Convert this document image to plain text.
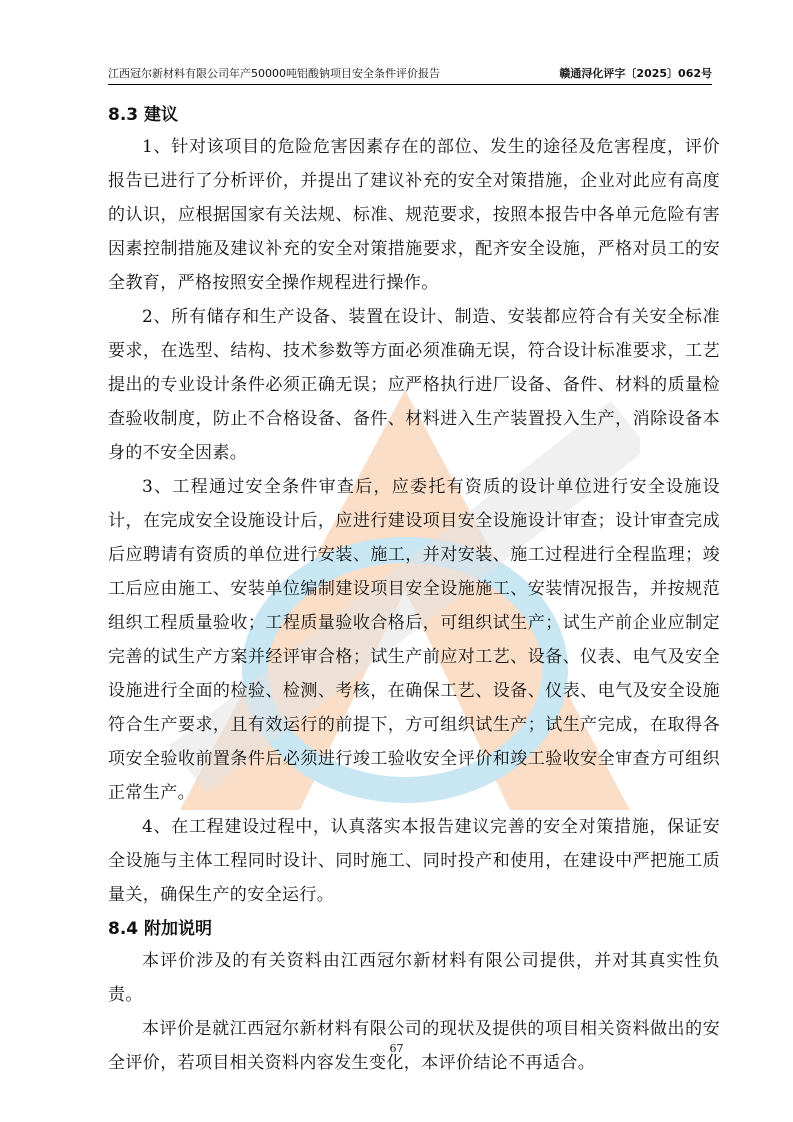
江西冠尔新材料有限公司年产50000吨铝酸钠项目安全条件评价报告	赣通浔化评字〔2025〕062号
8.3 建议

1、针对该项目的危险危害因素存在的部位、发生的途径及危害程度，评价报告已进行了分析评价，并提出了建议补充的安全对策措施，企业对此应有高度的认识，应根据国家有关法规、标准、规范要求，按照本报告中各单元危险有害因素控制措施及建议补充的安全对策措施要求，配齐安全设施，严格对员工的安全教育，严格按照安全操作规程进行操作。

2、所有储存和生产设备、装置在设计、制造、安装都应符合有关安全标准要求，在选型、结构、技术参数等方面必须准确无误，符合设计标准要求，工艺提出的专业设计条件必须正确无误；应严格执行进厂设备、备件、材料的质量检查验收制度，防止不合格设备、备件、材料进入生产装置投入生产，消除设备本身的不安全因素。

3、工程通过安全条件审查后，应委托有资质的设计单位进行安全设施设计，在完成安全设施设计后，应进行建设项目安全设施设计审查；设计审查完成后应聘请有资质的单位进行安装、施工，并对安装、施工过程进行全程监理；竣工后应由施工、安装单位编制建设项目安全设施施工、安装情况报告，并按规范组织工程质量验收；工程质量验收合格后，可组织试生产；试生产前企业应制定完善的试生产方案并经评审合格；试生产前应对工艺、设备、仪表、电气及安全设施进行全面的检验、检测、考核，在确保工艺、设备、仪表、电气及安全设施符合生产要求，且有效运行的前提下，方可组织试生产；试生产完成，在取得各项安全验收前置条件后必须进行竣工验收安全评价和竣工验收安全审查方可组织正常生产。

4、在工程建设过程中，认真落实本报告建议完善的安全对策措施，保证安全设施与主体工程同时设计、同时施工、同时投产和使用，在建设中严把施工质量关，确保生产的安全运行。

8.4 附加说明

本评价涉及的有关资料由江西冠尔新材料有限公司提供，并对其真实性负责。

本评价是就江西冠尔新材料有限公司的现状及提供的项目相关资料做出的安全评价，若项目相关资料内容发生变化，本评价结论不再适合。

67
